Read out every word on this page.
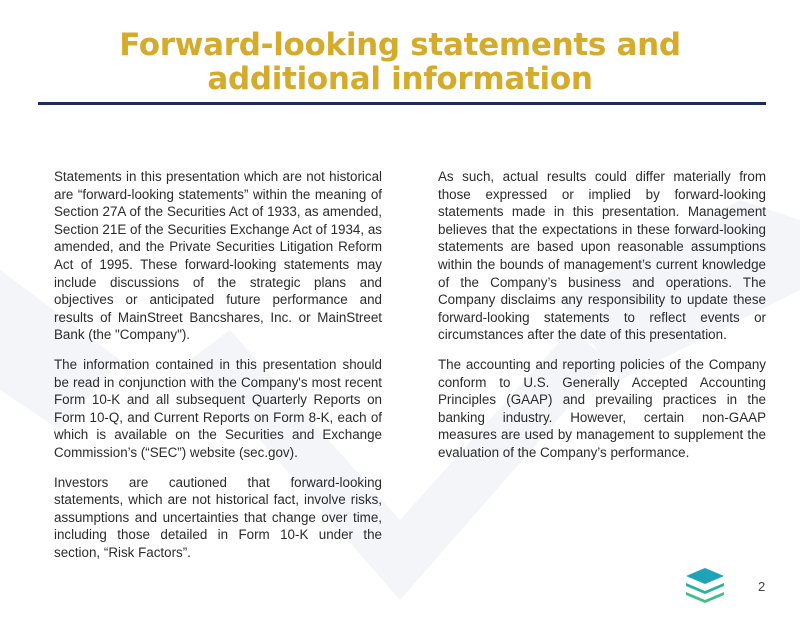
Forward-looking statements and additional information

Statements in this presentation which are not historical are “forward-looking statements” within the meaning of Section 27A of the Securities Act of 1933, as amended, Section 21E of the Securities Exchange Act of 1934, as amended, and the Private Securities Litigation Reform Act of 1995. These forward-looking statements may include discussions of the strategic plans and objectives or anticipated future performance and results of MainStreet Bancshares, Inc. or MainStreet Bank (the "Company").

The information contained in this presentation should be read in conjunction with the Company's most recent Form 10-K and all subsequent Quarterly Reports on Form 10-Q, and Current Reports on Form 8-K, each of which is available on the Securities and Exchange Commission’s (“SEC”) website (sec.gov).

Investors are cautioned that forward-looking statements, which are not historical fact, involve risks, assumptions and uncertainties that change over time, including those detailed in Form 10-K under the section, “Risk Factors”.

As such, actual results could differ materially from those expressed or implied by forward-looking statements made in this presentation. Management believes that the expectations in these forward-looking statements are based upon reasonable assumptions within the bounds of management’s current knowledge of the Company’s business and operations. The Company disclaims any responsibility to update these forward-looking statements to reflect events or circumstances after the date of this presentation.

The accounting and reporting policies of the Company conform to U.S. Generally Accepted Accounting Principles (GAAP) and prevailing practices in the banking industry. However, certain non-GAAP measures are used by management to supplement the evaluation of the Company’s performance.

2
